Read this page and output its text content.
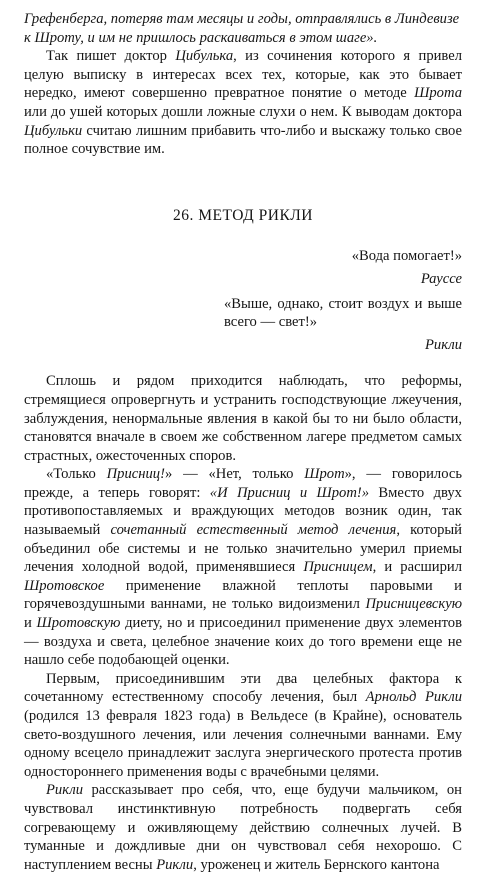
Грефенберга, потеряв там месяцы и годы, отправлялись в Линдевизе
к Шроту, и им не пришлось раскаиваться в этом шаге».

Так пишет доктор Цибулька, из сочинения которого я привел целую выписку в интересах всех тех, которые, как это бывает нередко, имеют совершенно превратное понятие о методе Шрота или до ушей которых дошли ложные слухи о нем. К выводам доктора Цибульки считаю лишним прибавить что-либо и выскажу только свое полное сочувствие им.

26. МЕТОД РИКЛИ

«Вода помогает!»

Рауссе

«Выше, однако, стоит воздух и выше всего — свет!»

Рикли

Сплошь и рядом приходится наблюдать, что реформы, стремящиеся опровергнуть и устранить господствующие лжеучения, заблуждения, ненормальные явления в какой бы то ни было области, становятся вначале в своем же собственном лагере предметом самых страстных, ожесточенных споров.

«Только Присниц!» — «Нет, только Шрот», — говорилось прежде, а теперь говорят: «И Присниц и Шрот!» Вместо двух противопоставляемых и враждующих методов возник один, так называемый сочетанный естественный метод лечения, который объединил обе системы и не только значительно умерил приемы лечения холодной водой, применявшиеся Присницем, и расширил Шротовское применение влажной теплоты паровыми и горячевоздушными ваннами, не только видоизменил Присницевскую и Шротовскую диету, но и присоединил применение двух элементов — воздуха и света, целебное значение коих до того времени еще не нашло себе подобающей оценки.

Первым, присоединившим эти два целебных фактора к сочетанному естественному способу лечения, был Арнольд Рикли (родился 13 февраля 1823 года) в Вельдесе (в Крайне), основатель свето-воздушного лечения, или лечения солнечными ваннами. Ему одному всецело принадлежит заслуга энергического протеста против одностороннего применения воды с врачебными целями.

Рикли рассказывает про себя, что, еще будучи мальчиком, он чувствовал инстинктивную потребность подвергать себя согревающему и оживляющему действию солнечных лучей. В туманные и дождливые дни он чувствовал себя нехорошо. С наступлением весны Рикли, уроженец и житель Бернского кантона
